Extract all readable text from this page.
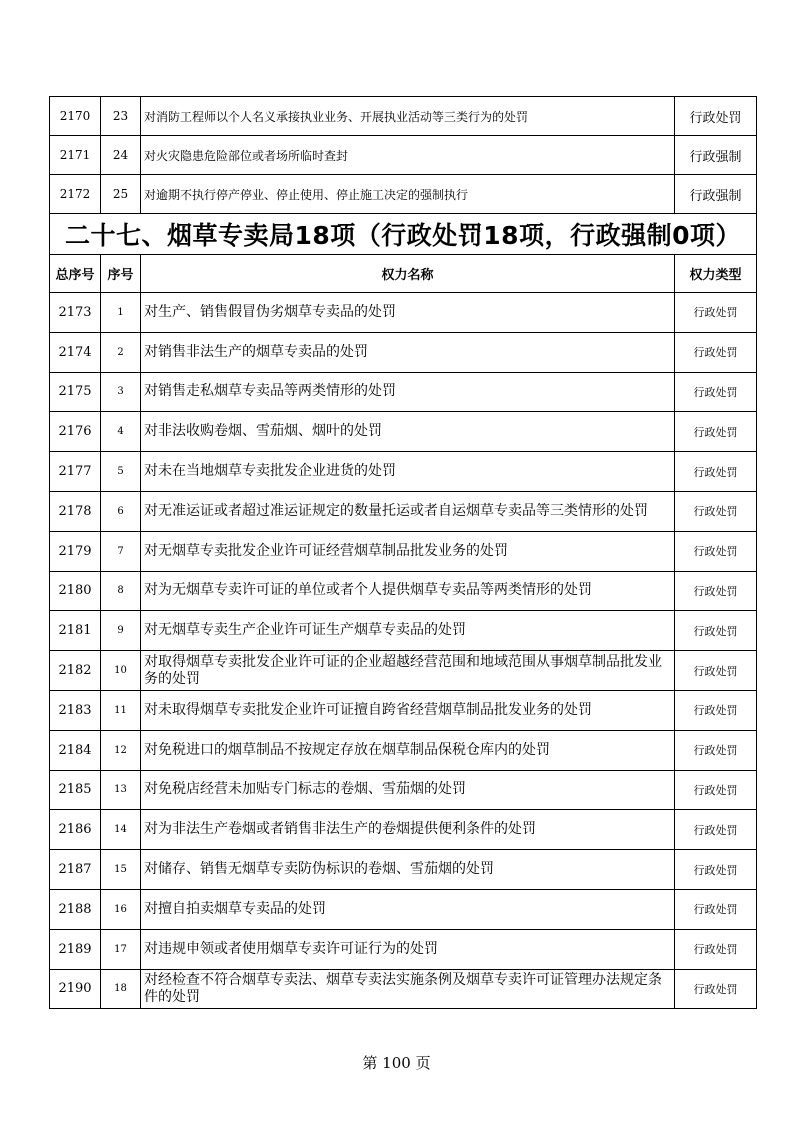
2170	23	对消防工程师以个人名义承接执业业务、开展执业活动等三类行为的处罚	行政处罚
2171	24	对火灾隐患危险部位或者场所临时查封	行政强制
2172	25	对逾期不执行停产停业、停止使用、停止施工决定的强制执行	行政强制
二十七、烟草专卖局18项（行政处罚18项，行政强制0项）			
总序号	序号	权力名称	权力类型
2173	1	对生产、销售假冒伪劣烟草专卖品的处罚	行政处罚
2174	2	对销售非法生产的烟草专卖品的处罚	行政处罚
2175	3	对销售走私烟草专卖品等两类情形的处罚	行政处罚
2176	4	对非法收购卷烟、雪茄烟、烟叶的处罚	行政处罚
2177	5	对未在当地烟草专卖批发企业进货的处罚	行政处罚
2178	6	对无准运证或者超过准运证规定的数量托运或者自运烟草专卖品等三类情形的处罚	行政处罚
2179	7	对无烟草专卖批发企业许可证经营烟草制品批发业务的处罚	行政处罚
2180	8	对为无烟草专卖许可证的单位或者个人提供烟草专卖品等两类情形的处罚	行政处罚
2181	9	对无烟草专卖生产企业许可证生产烟草专卖品的处罚	行政处罚
2182	10	对取得烟草专卖批发企业许可证的企业超越经营范围和地域范围从事烟草制品批发业务的处罚	行政处罚
2183	11	对未取得烟草专卖批发企业许可证擅自跨省经营烟草制品批发业务的处罚	行政处罚
2184	12	对免税进口的烟草制品不按规定存放在烟草制品保税仓库内的处罚	行政处罚
2185	13	对免税店经营未加贴专门标志的卷烟、雪茄烟的处罚	行政处罚
2186	14	对为非法生产卷烟或者销售非法生产的卷烟提供便利条件的处罚	行政处罚
2187	15	对储存、销售无烟草专卖防伪标识的卷烟、雪茄烟的处罚	行政处罚
2188	16	对擅自拍卖烟草专卖品的处罚	行政处罚
2189	17	对违规申领或者使用烟草专卖许可证行为的处罚	行政处罚
2190	18	对经检查不符合烟草专卖法、烟草专卖法实施条例及烟草专卖许可证管理办法规定条件的处罚	行政处罚
第 100 页
